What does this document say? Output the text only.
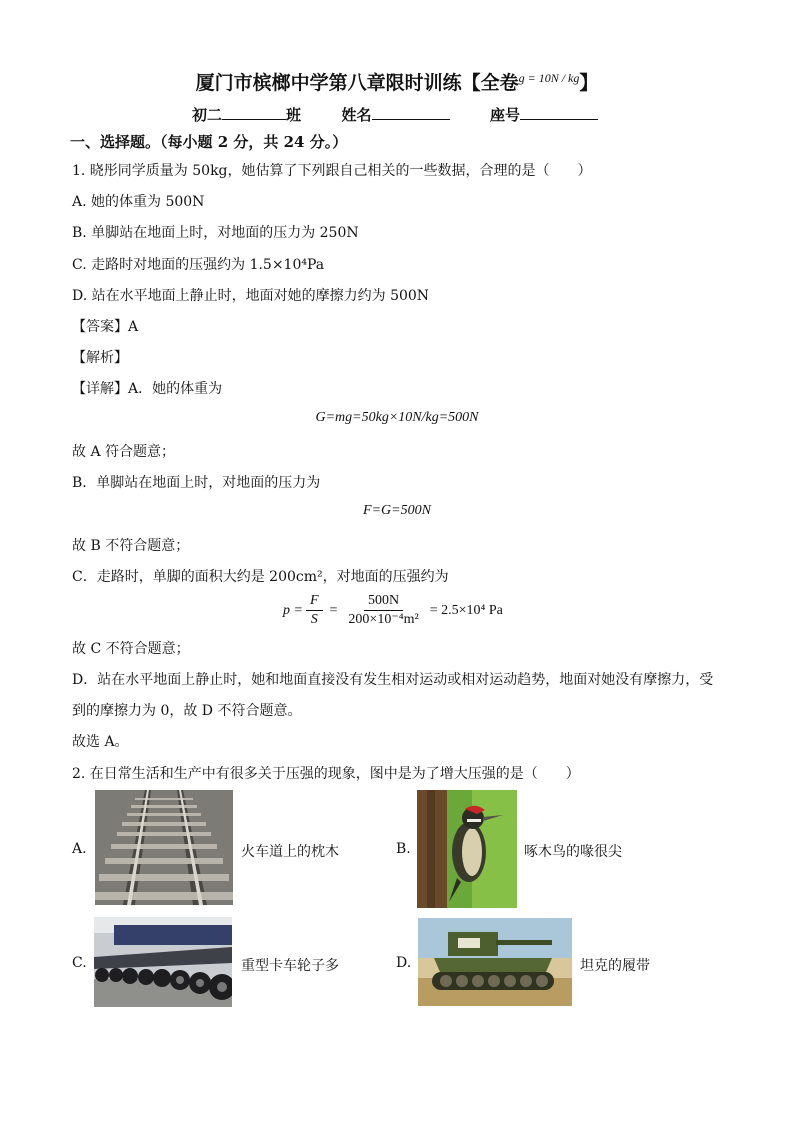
厦门市槟榔中学第八章限时训练【全卷$^{g = 10N / kg}$】
初二	班	姓名	座号
一、选择题。（每小题 2 分，共 24 分。）
1. 晓彤同学质量为 50kg，她估算了下列跟自己相关的一些数据，合理的是（　　）
A. 她的体重为 500N
B. 单脚站在地面上时，对地面的压力为 250N
C. 走路时对地面的压强约为 1.5×10⁴Pa
D. 站在水平地面上静止时，地面对她的摩擦力约为 500N
【答案】A
【解析】
【详解】A．她的体重为
G=mg=50kg×10N/kg=500N
故 A 符合题意；
B．单脚站在地面上时，对地面的压力为
F=G=500N
故 B 不符合题意；
C．走路时，单脚的面积大约是 200cm²，对地面的压强约为
$p = \frac{F}{S} = \frac{500N}{\text{200×10⁻⁴m²}} = 2.5\times 10^4$ Pa
故 C 不符合题意；
D．站在水平地面上静止时，她和地面直接没有发生相对运动或相对运动趋势，地面对她没有摩擦力，受
到的摩擦力为 0，故 D 不符合题意。
故选 A。
2. 在日常生活和生产中有很多关于压强的现象，图中是为了增大压强的是（　　）
A.	火车道上的枕木	B.	啄木鸟的喙很尖
C.	重型卡车轮子多	D.	坦克的履带
